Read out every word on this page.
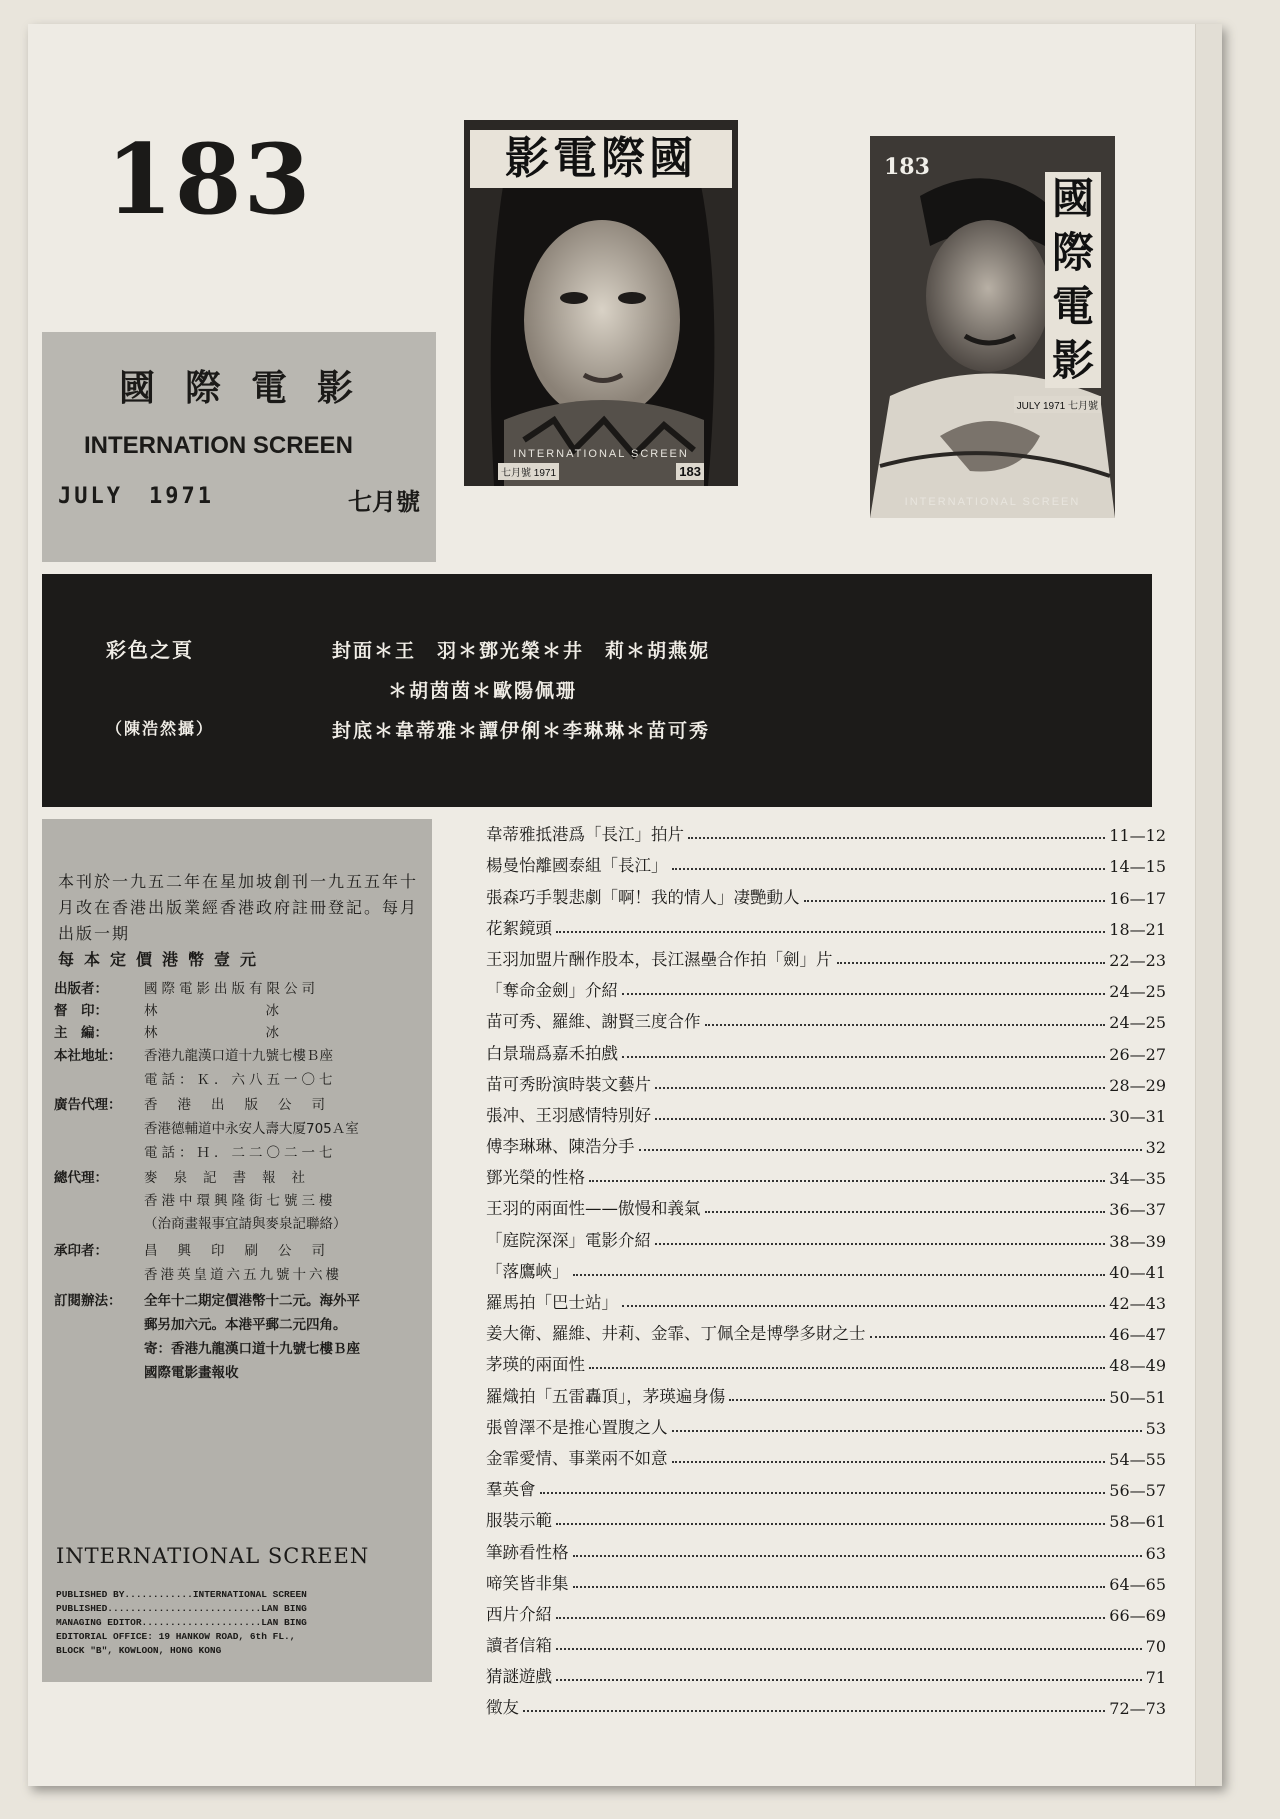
183	影電際國
INTERNATIONAL SCREEN
七月號 1971	183
183
國際電影
JULY 1971 七月號
INTERNATIONAL SCREEN
國際電影
INTERNATION SCREEN
JULY 1971	七月號
彩色之頁
（陳浩然攝）
封面＊王　羽＊鄧光榮＊井　莉＊胡燕妮
＊胡茵茵＊歐陽佩珊
封底＊韋蒂雅＊譚伊俐＊李琳琳＊苗可秀
本刊於一九五二年在星加坡創刊一九五五年十月改在香港出版業經香港政府註冊登記。每月出版一期
每本定價港幣壹元
出版者：	國際電影出版有限公司
督　印：	林　　　　　　　　冰
主　編：	林　　　　　　　　冰
本社地址：	香港九龍漢口道十九號七樓Ｂ座
電話：Ｋ．六八五一〇七
廣告代理：	香港出版公司
香港德輔道中永安人壽大厦705Ａ室
電話：Ｈ．二二〇二一七
總代理：	麥泉記書報社
香港中環興隆街七號三樓
（治商畫報事宜請與麥泉記聯絡）
承印者：	昌興印刷公司
香港英皇道六五九號十六樓
訂閱辦法：	全年十二期定價港幣十二元。海外平
郵另加六元。本港平郵二元四角。
寄：香港九龍漢口道十九號七樓Ｂ座
國際電影畫報收
INTERNATIONAL SCREEN
PUBLISHED BY............INTERNATIONAL SCREEN
PUBLISHED...........................LAN BING
MANAGING EDITOR.....................LAN BING
EDITORIAL OFFICE: 19 HANKOW ROAD, 6th FL.,
BLOCK "B", KOWLOON, HONG KONG
韋蒂雅抵港爲「長江」拍片	11—12
楊曼怡離國泰組「長江」	14—15
張森巧手製悲劇「啊！我的情人」凄艷動人	16—17
花絮鏡頭	18—21
王羽加盟片酬作股本，長江濕壘合作拍「劍」片	22—23
「奪命金劍」介紹	24—25
苗可秀、羅維、謝賢三度合作	24—25
白景瑞爲嘉禾拍戲	26—27
苗可秀盼演時裝文藝片	28—29
張冲、王羽感情特別好	30—31
傅李琳琳、陳浩分手	32
鄧光榮的性格	34—35
王羽的兩面性——傲慢和義氣	36—37
「庭院深深」電影介紹	38—39
「落鷹峽」	40—41
羅馬拍「巴士站」	42—43
姜大衛、羅維、井莉、金霏、丁佩全是博學多財之士	46—47
茅瑛的兩面性	48—49
羅熾拍「五雷轟頂」，茅瑛遍身傷	50—51
張曾澤不是推心置腹之人	53
金霏愛情、事業兩不如意	54—55
羣英會	56—57
服裝示範	58—61
筆跡看性格	63
啼笑皆非集	64—65
西片介紹	66—69
讀者信箱	70
猜謎遊戲	71
徵友	72—73
